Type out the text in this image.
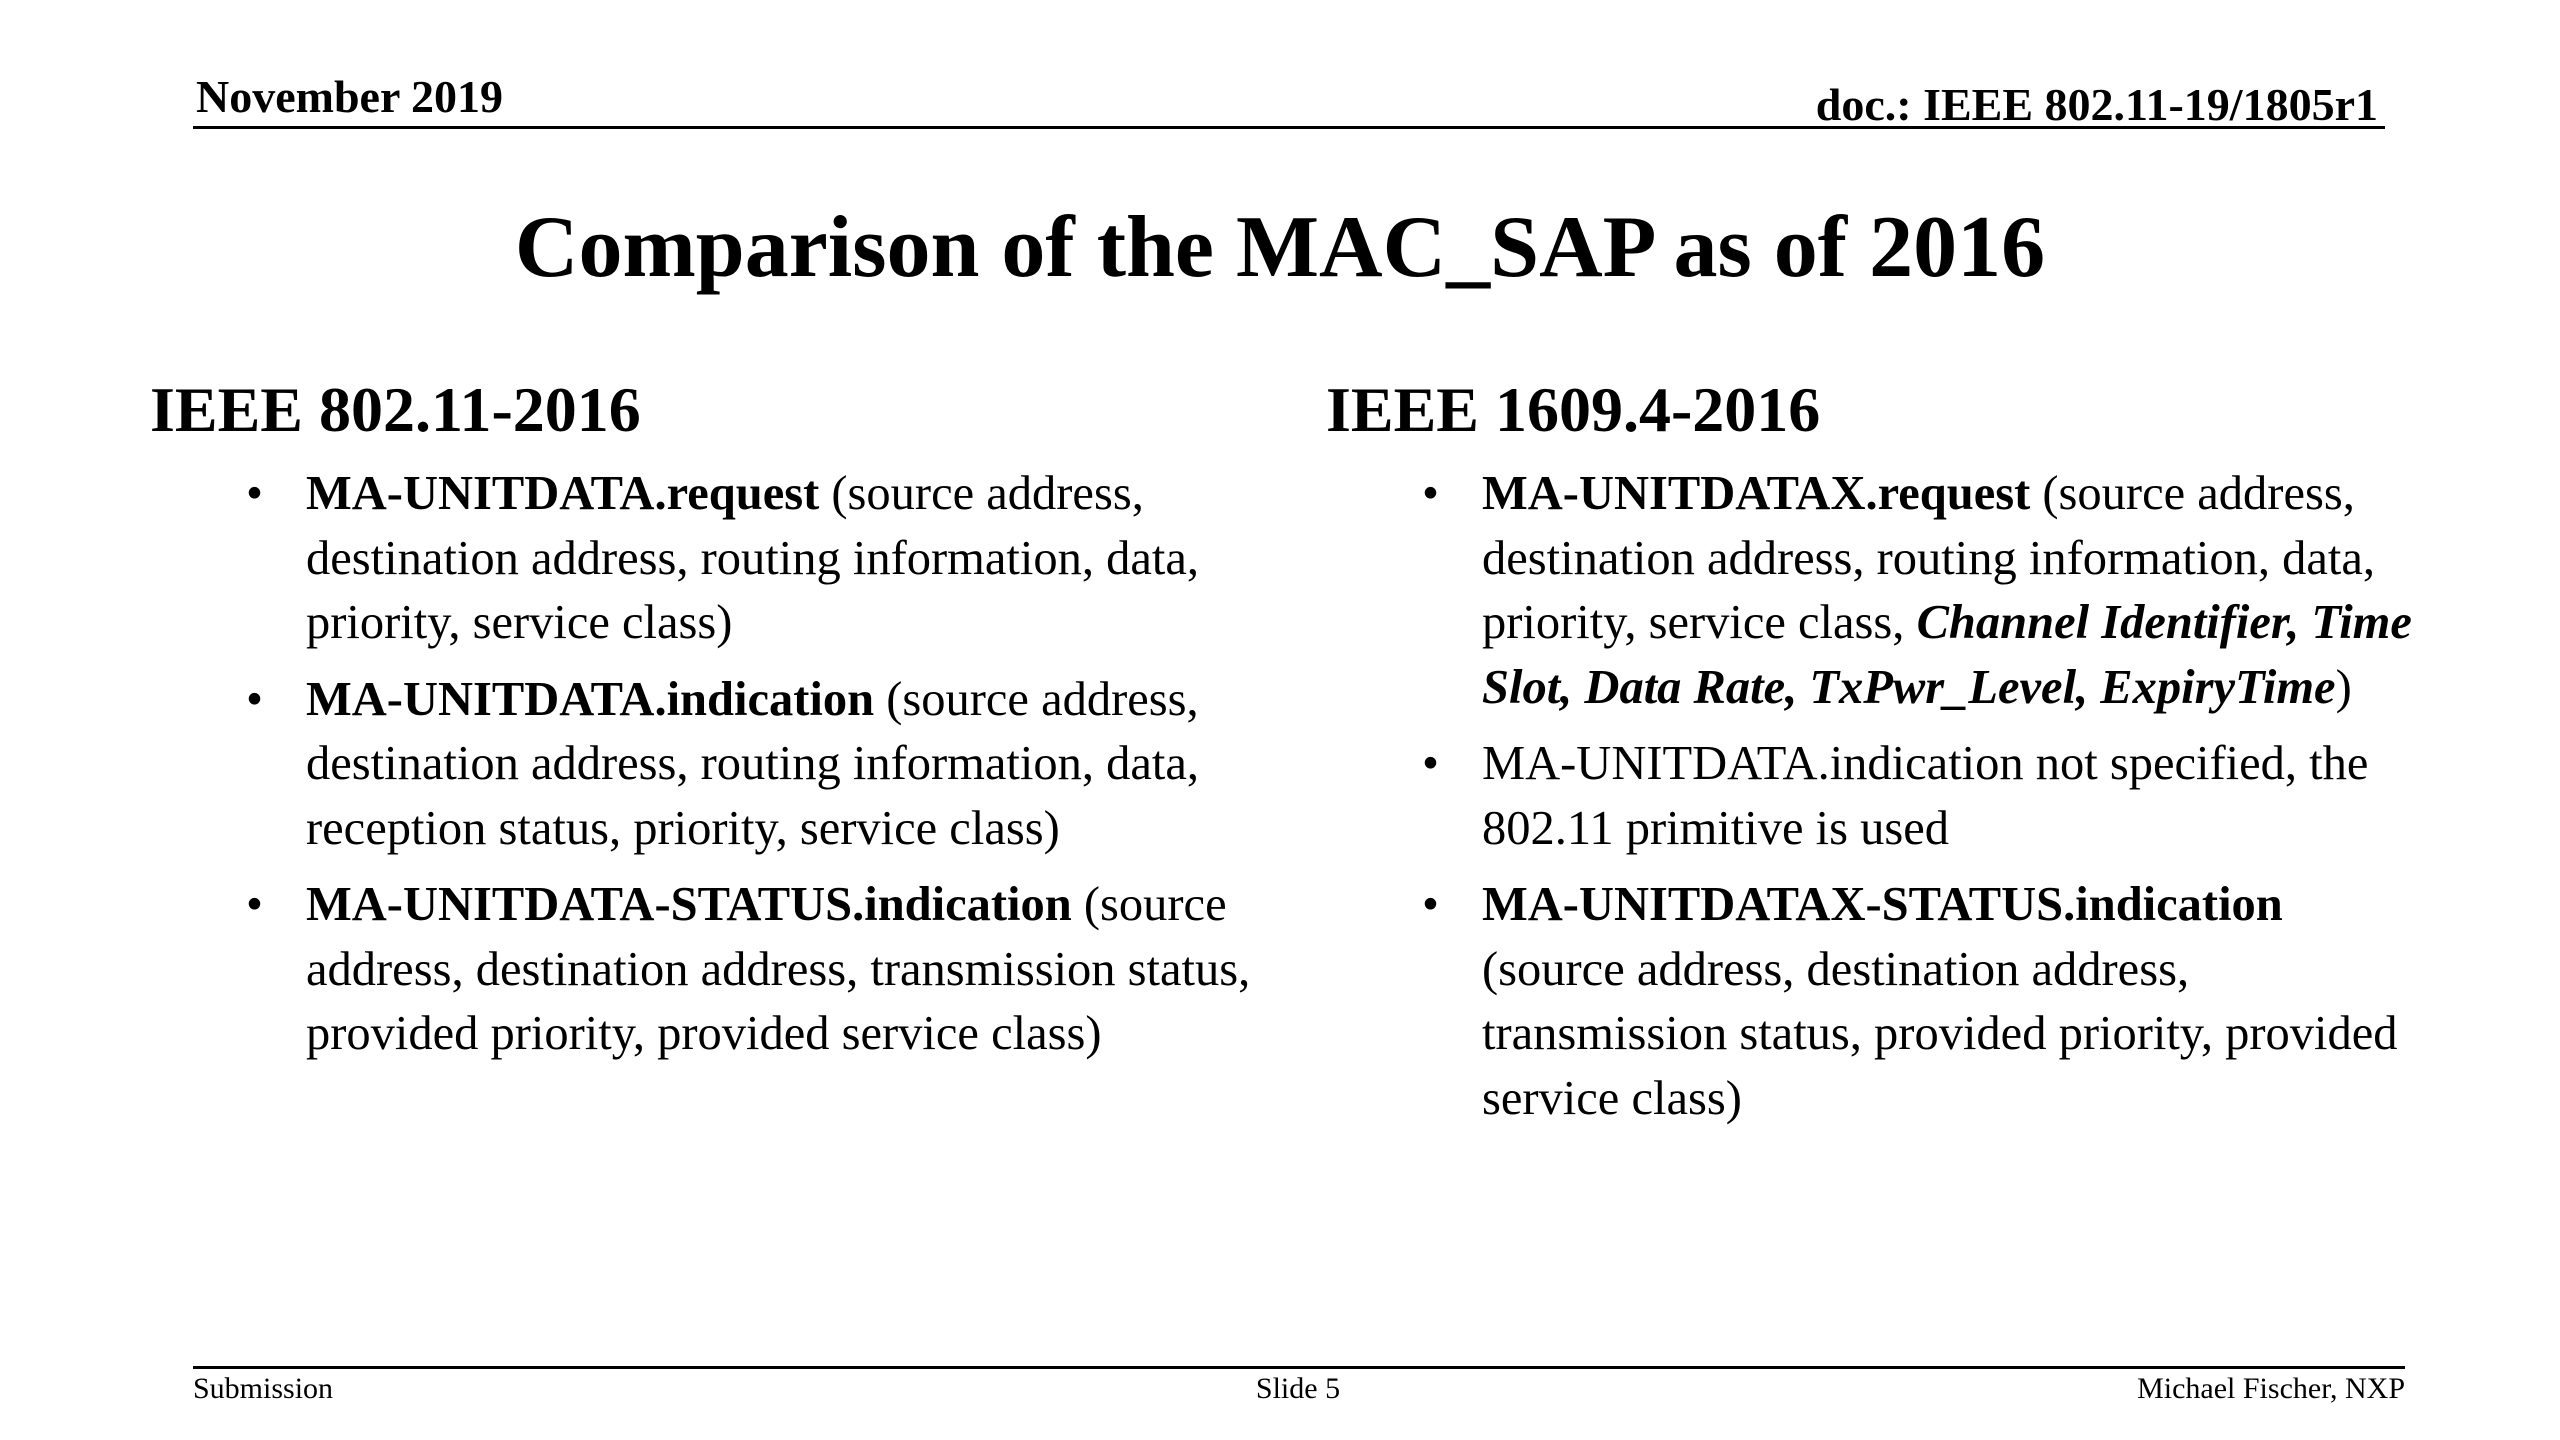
November 2019	doc.: IEEE 802.11-19/1805r1
Comparison of the MAC_SAP as of 2016
IEEE 802.11-2016
• MA-UNITDATA.request (source address, destination address, routing information, data, priority, service class)
• MA-UNITDATA.indication (source address, destination address, routing information, data, reception status, priority, service class)
• MA-UNITDATA-STATUS.indication (source address, destination address, transmission status, provided priority, provided service class)
IEEE 1609.4-2016
• MA-UNITDATAX.request (source address, destination address, routing information, data, priority, service class, Channel Identifier, Time Slot, Data Rate, TxPwr_Level, ExpiryTime)
• MA-UNITDATA.indication not specified, the 802.11 primitive is used
• MA-UNITDATAX-STATUS.indication (source address, destination address, transmission status, provided priority, provided service class)
Submission	Slide 5	Michael Fischer, NXP
